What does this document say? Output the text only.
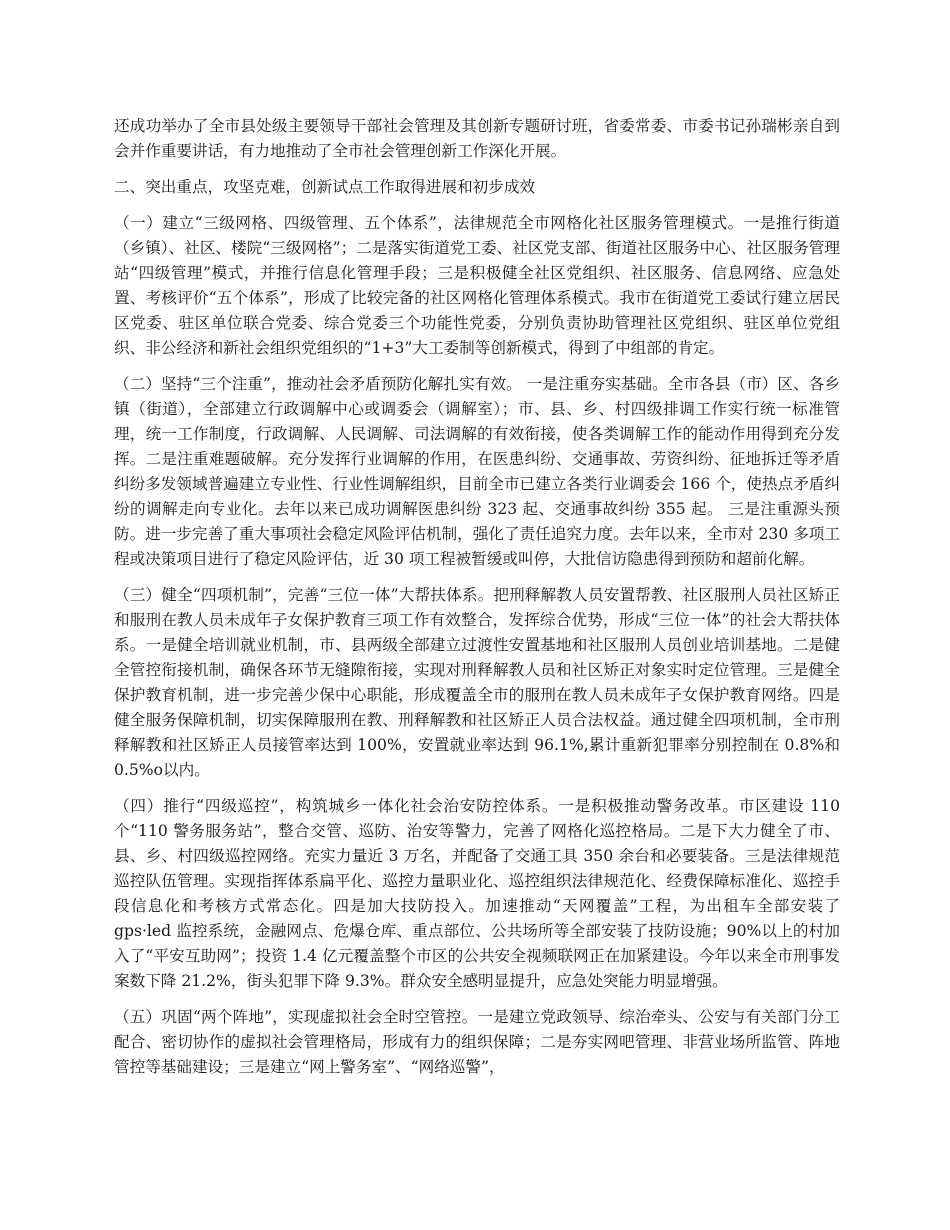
还成功举办了全市县处级主要领导干部社会管理及其创新专题研讨班，省委常委、市委书记孙瑞彬亲自到会并作重要讲话，有力地推动了全市社会管理创新工作深化开展。

二、突出重点，攻坚克难，创新试点工作取得进展和初步成效

（一）建立“三级网格、四级管理、五个体系”，法律规范全市网格化社区服务管理模式。一是推行街道（乡镇）、社区、楼院“三级网格”；二是落实街道党工委、社区党支部、街道社区服务中心、社区服务管理站“四级管理”模式，并推行信息化管理手段；三是积极健全社区党组织、社区服务、信息网络、应急处置、考核评价“五个体系”，形成了比较完备的社区网格化管理体系模式。我市在街道党工委试行建立居民区党委、驻区单位联合党委、综合党委三个功能性党委，分别负责协助管理社区党组织、驻区单位党组织、非公经济和新社会组织党组织的“1+3”大工委制等创新模式，得到了中组部的肯定。

（二）坚持“三个注重”，推动社会矛盾预防化解扎实有效。 一是注重夯实基础。全市各县（市）区、各乡镇（街道），全部建立行政调解中心或调委会（调解室）；市、县、乡、村四级排调工作实行统一标准管理，统一工作制度，行政调解、人民调解、司法调解的有效衔接，使各类调解工作的能动作用得到充分发挥。二是注重难题破解。充分发挥行业调解的作用，在医患纠纷、交通事故、劳资纠纷、征地拆迁等矛盾纠纷多发领域普遍建立专业性、行业性调解组织，目前全市已建立各类行业调委会 166 个，使热点矛盾纠纷的调解走向专业化。去年以来已成功调解医患纠纷 323 起、交通事故纠纷 355 起。 三是注重源头预防。进一步完善了重大事项社会稳定风险评估机制，强化了责任追究力度。去年以来，全市对 230 多项工程或决策项目进行了稳定风险评估，近 30 项工程被暂缓或叫停，大批信访隐患得到预防和超前化解。

（三）健全“四项机制”，完善“三位一体”大帮扶体系。把刑释解教人员安置帮教、社区服刑人员社区矫正和服刑在教人员未成年子女保护教育三项工作有效整合，发挥综合优势，形成“三位一体”的社会大帮扶体系。一是健全培训就业机制，市、县两级全部建立过渡性安置基地和社区服刑人员创业培训基地。二是健全管控衔接机制，确保各环节无缝隙衔接，实现对刑释解教人员和社区矫正对象实时定位管理。三是健全保护教育机制，进一步完善少保中心职能，形成覆盖全市的服刑在教人员未成年子女保护教育网络。四是健全服务保障机制，切实保障服刑在教、刑释解教和社区矫正人员合法权益。通过健全四项机制，全市刑释解教和社区矫正人员接管率达到 100%，安置就业率达到 96.1%,累计重新犯罪率分别控制在 0.8%和 0.5%o以内。

（四）推行“四级巡控”，构筑城乡一体化社会治安防控体系。一是积极推动警务改革。市区建设 110 个“110 警务服务站”，整合交管、巡防、治安等警力，完善了网格化巡控格局。二是下大力健全了市、县、乡、村四级巡控网络。充实力量近 3 万名，并配备了交通工具 350 余台和必要装备。三是法律规范巡控队伍管理。实现指挥体系扁平化、巡控力量职业化、巡控组织法律规范化、经费保障标准化、巡控手段信息化和考核方式常态化。四是加大技防投入。加速推动“天网覆盖”工程，为出租车全部安装了 gps·led 监控系统，金融网点、危爆仓库、重点部位、公共场所等全部安装了技防设施；90%以上的村加入了“平安互助网”；投资 1.4 亿元覆盖整个市区的公共安全视频联网正在加紧建设。今年以来全市刑事发案数下降 21.2%，街头犯罪下降 9.3%。群众安全感明显提升，应急处突能力明显增强。

（五）巩固“两个阵地”，实现虚拟社会全时空管控。一是建立党政领导、综治牵头、公安与有关部门分工配合、密切协作的虚拟社会管理格局，形成有力的组织保障；二是夯实网吧管理、非营业场所监管、阵地管控等基础建设；三是建立“网上警务室”、“网络巡警”，
